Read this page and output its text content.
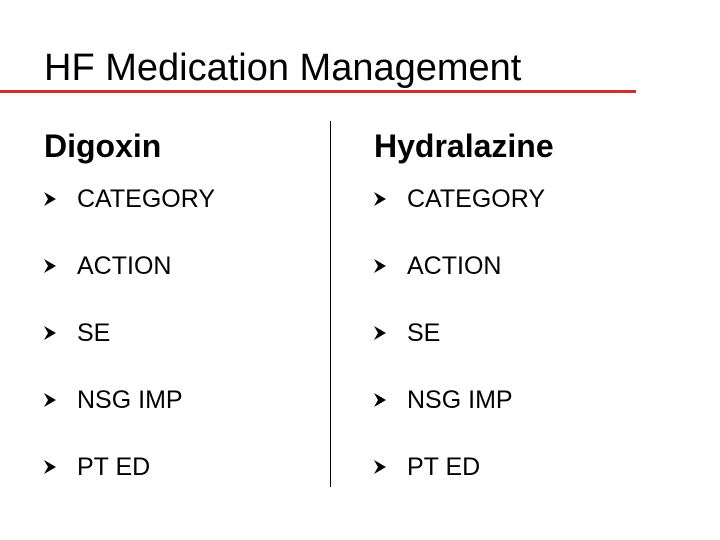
HF Medication Management
Digoxin
CATEGORY
ACTION
SE
NSG IMP
PT ED
Hydralazine
CATEGORY
ACTION
SE
NSG IMP
PT ED
